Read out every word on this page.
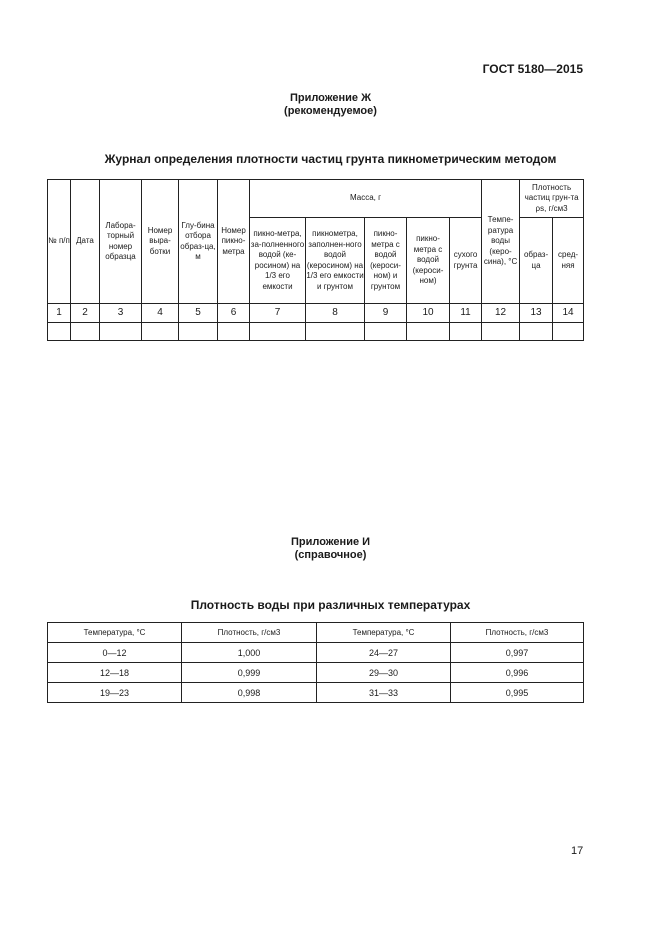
ГОСТ 5180—2015
Приложение Ж
(рекомендуемое)
Журнал определения плотности частиц грунта пикнометрическим методом
№ п/п	Дата	Лабора-торный номер образца	Номер выра-ботки	Глу-бина отбора образ-ца, м	Номер пикно-метра	Масса, г					Темпе-ратура воды (керо-сина), °С	Плотность частиц грун-та ρs, г/см3	
						пикно-метра, за-полненного водой (ке-росином) на 1/3 его емкости	пикнометра, заполнен-ного водой (керосином) на 1/3 его емкости и грунтом	пикно-метра с водой (кероси-ном) и грунтом	пикно-метра с водой (кероси-ном)	сухого грунта		образ-ца	сред-няя
1	2	3	4	5	6	7	8	9	10	11	12	13	14

Приложение И
(справочное)
Плотность воды при различных температурах
Температура, °С	Плотность, г/см3	Температура, °С	Плотность, г/см3
0—12	1,000	24—27	0,997
12—18	0,999	29—30	0,996
19—23	0,998	31—33	0,995
17
